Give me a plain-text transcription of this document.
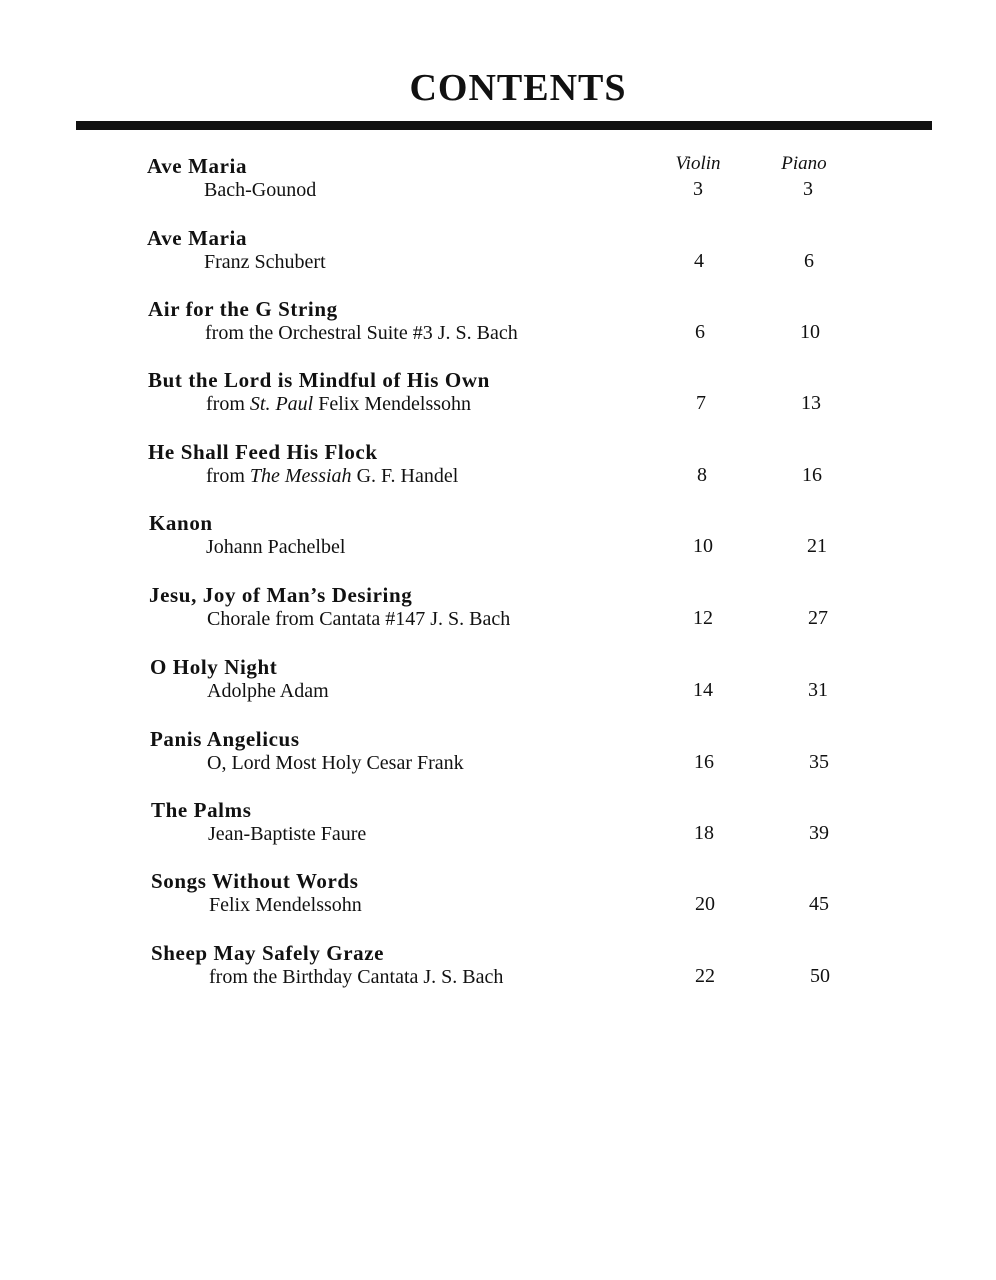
CONTENTS
Violin	Piano
Ave Maria
Bach-Gounod	3	3
Ave Maria
Franz Schubert	4	6
Air for the G String
from the Orchestral Suite #3 J. S. Bach	6	10
But the Lord is Mindful of His Own
from St. Paul Felix Mendelssohn	7	13
He Shall Feed His Flock
from The Messiah G. F. Handel	8	16
Kanon
Johann Pachelbel	10	21
Jesu, Joy of Man’s Desiring
Chorale from Cantata #147 J. S. Bach	12	27
O Holy Night
Adolphe Adam	14	31
Panis Angelicus
O, Lord Most Holy Cesar Frank	16	35
The Palms
Jean-Baptiste Faure	18	39
Songs Without Words
Felix Mendelssohn	20	45
Sheep May Safely Graze
from the Birthday Cantata J. S. Bach	22	50
